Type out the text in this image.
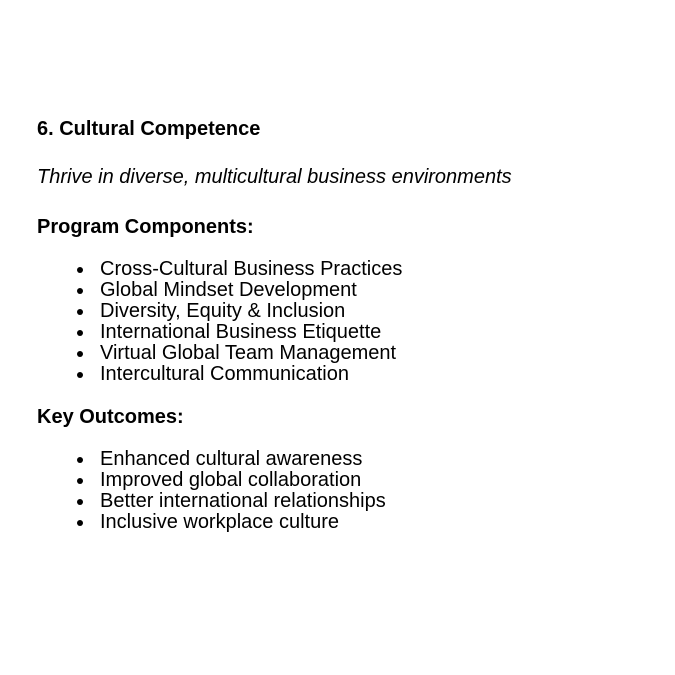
6. Cultural Competence

Thrive in diverse, multicultural business environments

Program Components:
Cross-Cultural Business Practices
Global Mindset Development
Diversity, Equity & Inclusion
International Business Etiquette
Virtual Global Team Management
Intercultural Communication
Key Outcomes:
Enhanced cultural awareness
Improved global collaboration
Better international relationships
Inclusive workplace culture
